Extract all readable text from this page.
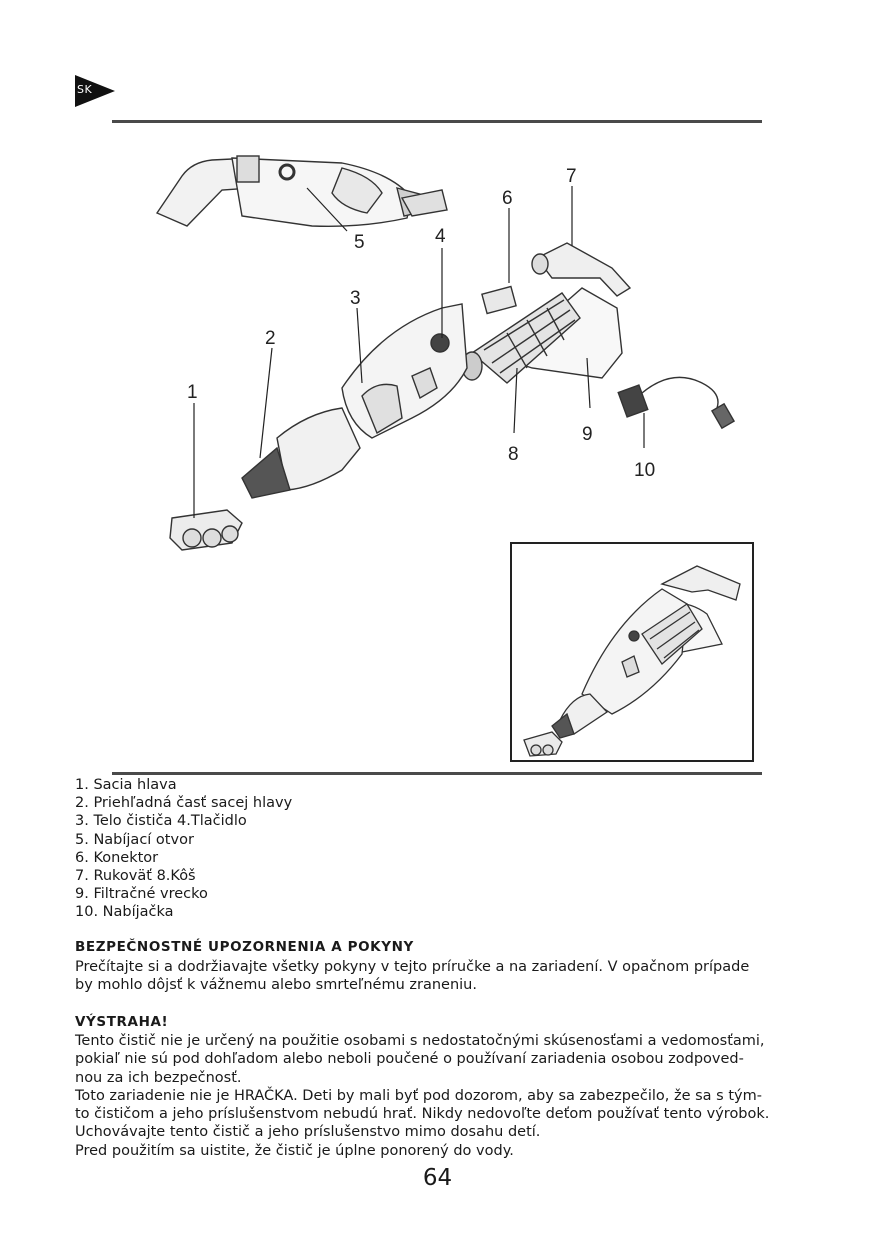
SK
1
2
3
4
5
6
7
8
9
10
1. Sacia hlava
2. Priehľadná časť sacej hlavy
3. Telo čističa 4.Tlačidlo
5. Nabíjací otvor
6. Konektor
7. Rukoväť 8.Kôš
9. Filtračné vrecko
10. Nabíjačka
BEZPEČNOSTNÉ UPOZORNENIA A POKYNY

Prečítajte si a dodržiavajte všetky pokyny v tejto príručke a na zariadení. V opačnom prípade
by mohlo dôjsť k vážnemu alebo smrteľnému zraneniu.

VÝSTRAHA!

Tento čistič nie je určený na použitie osobami s nedostatočnými skúsenosťami a vedomosťami,
pokiaľ nie sú pod dohľadom alebo neboli poučené o používaní zariadenia osobou zodpoved-
nou za ich bezpečnosť.
Toto zariadenie nie je HRAČKA. Deti by mali byť pod dozorom, aby sa zabezpečilo, že sa s tým-
to čističom a jeho príslušenstvom nebudú hrať. Nikdy nedovoľte deťom používať tento výrobok.
Uchovávajte tento čistič a jeho príslušenstvo mimo dosahu detí.
Pred použitím sa uistite, že čistič je úplne ponorený do vody.

64
